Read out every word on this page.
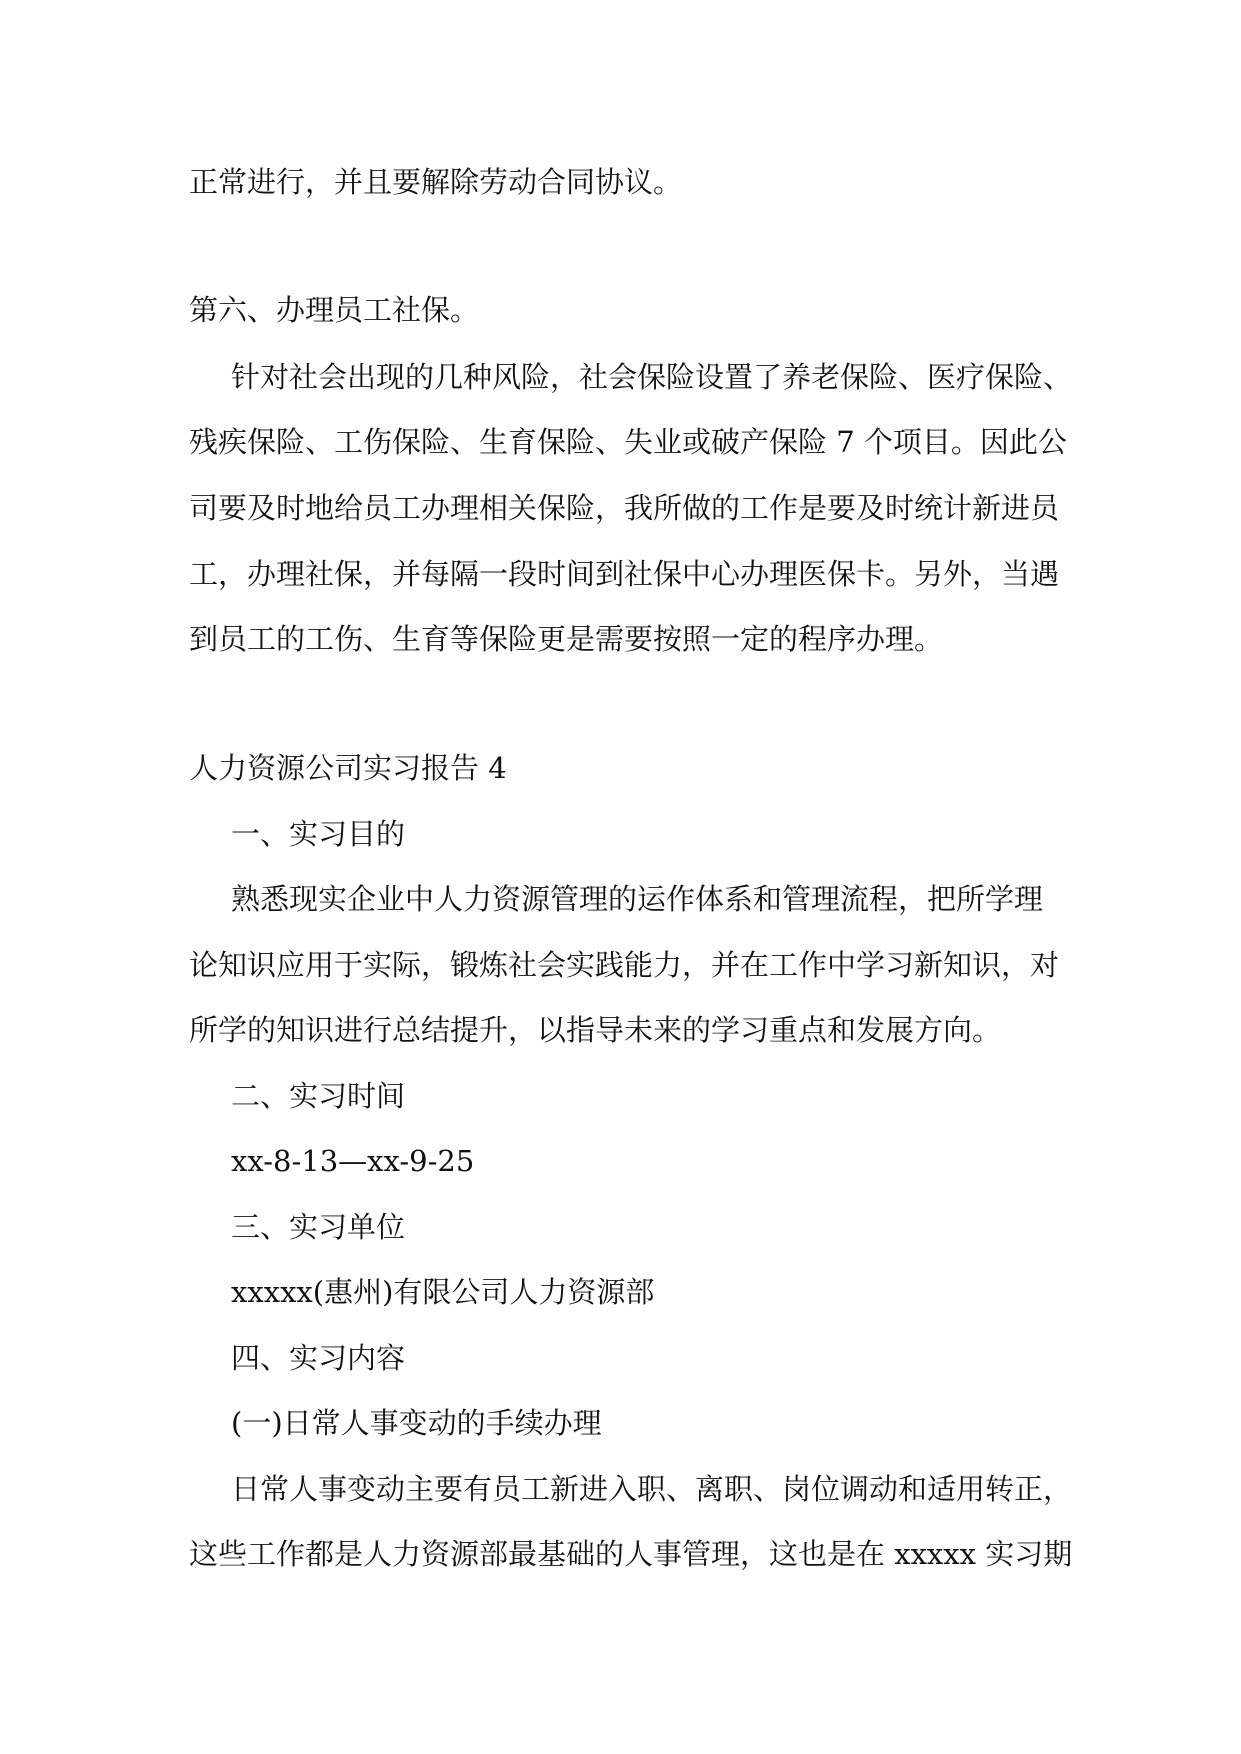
正常进行，并且要解除劳动合同协议。

第六、办理员工社保。

针对社会出现的几种风险，社会保险设置了养老保险、医疗保险、

残疾保险、工伤保险、生育保险、失业或破产保险 7 个项目。因此公

司要及时地给员工办理相关保险，我所做的工作是要及时统计新进员

工，办理社保，并每隔一段时间到社保中心办理医保卡。另外，当遇

到员工的工伤、生育等保险更是需要按照一定的程序办理。

人力资源公司实习报告 4

一、实习目的

熟悉现实企业中人力资源管理的运作体系和管理流程，把所学理

论知识应用于实际，锻炼社会实践能力，并在工作中学习新知识，对

所学的知识进行总结提升，以指导未来的学习重点和发展方向。

二、实习时间

xx-8-13—xx-9-25

三、实习单位

xxxxx(惠州)有限公司人力资源部

四、实习内容

(一)日常人事变动的手续办理

日常人事变动主要有员工新进入职、离职、岗位调动和适用转正，

这些工作都是人力资源部最基础的人事管理，这也是在 xxxxx 实习期
